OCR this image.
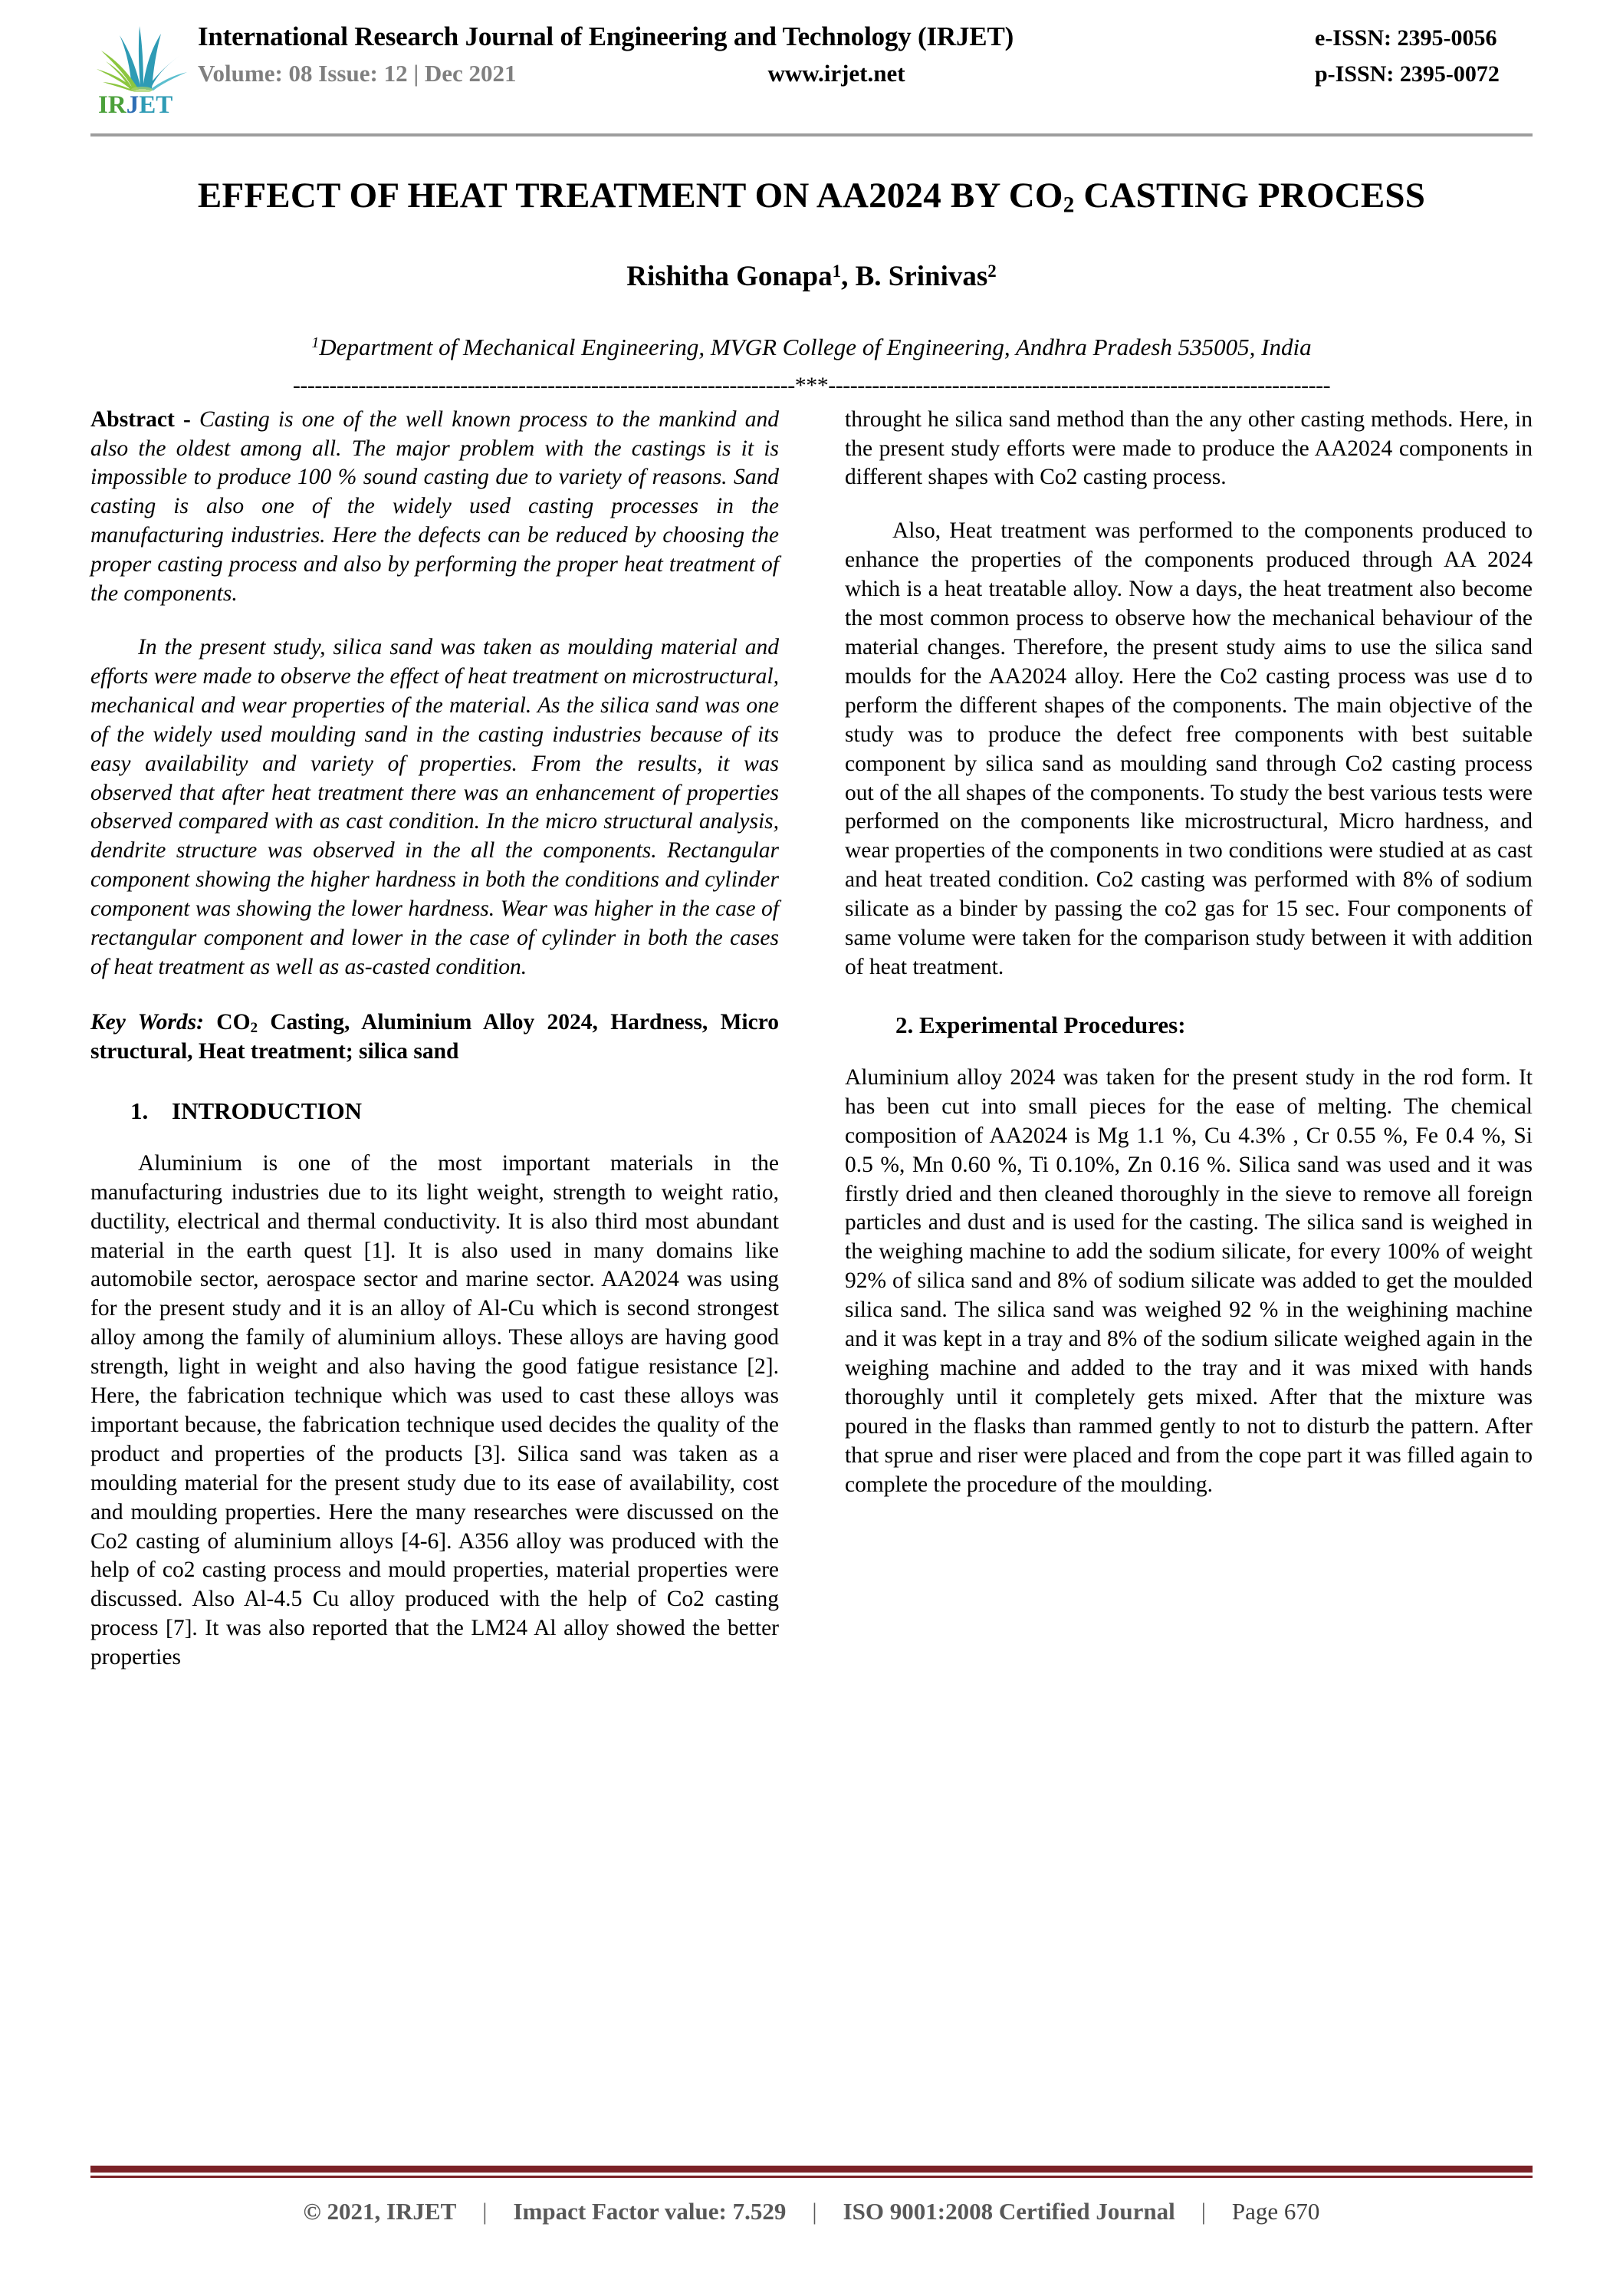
IRJET
International Research Journal of Engineering and Technology (IRJET)	e-ISSN: 2395-0056
Volume: 08 Issue: 12 | Dec 2021	www.irjet.net	p-ISSN: 2395-0072
EFFECT OF HEAT TREATMENT ON AA2024 BY $CO_2$ CASTING PROCESS
Rishitha Gonapa$^1$, B. Srinivas$^2$
$^1$Department of Mechanical Engineering, MVGR College of Engineering, Andhra Pradesh 535005, India
---------------------------------------------------------------------***---------------------------------------------------------------------

Abstract - Casting is one of the well known process to the mankind and also the oldest among all. The major problem with the castings is it is impossible to produce 100 % sound casting due to variety of reasons. Sand casting is also one of the widely used casting processes in the manufacturing industries. Here the defects can be reduced by choosing the proper casting process and also by performing the proper heat treatment of the components.

In the present study, silica sand was taken as moulding material and efforts were made to observe the effect of heat treatment on microstructural, mechanical and wear properties of the material. As the silica sand was one of the widely used moulding sand in the casting industries because of its easy availability and variety of properties. From the results, it was observed that after heat treatment there was an enhancement of properties observed compared with as cast condition. In the micro structural analysis, dendrite structure was observed in the all the components. Rectangular component showing the higher hardness in both the conditions and cylinder component was showing the lower hardness. Wear was higher in the case of rectangular component and lower in the case of cylinder in both the cases of heat treatment as well as as-casted condition.

Key Words: $CO_2$ Casting, Aluminium Alloy 2024, Hardness, Micro structural, Heat treatment; silica sand
1. INTRODUCTION

Aluminium is one of the most important materials in the manufacturing industries due to its light weight, strength to weight ratio, ductility, electrical and thermal conductivity. It is also third most abundant material in the earth quest [1]. It is also used in many domains like automobile sector, aerospace sector and marine sector. AA2024 was using for the present study and it is an alloy of Al-Cu which is second strongest alloy among the family of aluminium alloys. These alloys are having good strength, light in weight and also having the good fatigue resistance [2]. Here, the fabrication technique which was used to cast these alloys was important because, the fabrication technique used decides the quality of the product and properties of the products [3]. Silica sand was taken as a moulding material for the present study due to its ease of availability, cost and moulding properties. Here the many researches were discussed on the Co2 casting of aluminium alloys [4-6]. A356 alloy was produced with the help of co2 casting process and mould properties, material properties were discussed. Also Al-4.5 Cu alloy produced with the help of Co2 casting process [7]. It was also reported that the LM24 Al alloy showed the better properties

throught he silica sand method than the any other casting methods. Here, in the present study efforts were made to produce the AA2024 components in different shapes with Co2 casting process.

Also, Heat treatment was performed to the components produced to enhance the properties of the components produced through AA 2024 which is a heat treatable alloy. Now a days, the heat treatment also become the most common process to observe how the mechanical behaviour of the material changes. Therefore, the present study aims to use the silica sand moulds for the AA2024 alloy. Here the Co2 casting process was use d to perform the different shapes of the components. The main objective of the study was to produce the defect free components with best suitable component by silica sand as moulding sand through Co2 casting process out of the all shapes of the components. To study the best various tests were performed on the components like microstructural, Micro hardness, and wear properties of the components in two conditions were studied at as cast and heat treated condition. Co2 casting was performed with 8% of sodium silicate as a binder by passing the co2 gas for 15 sec. Four components of same volume were taken for the comparison study between it with addition of heat treatment.

2. Experimental Procedures:

Aluminium alloy 2024 was taken for the present study in the rod form. It has been cut into small pieces for the ease of melting. The chemical composition of AA2024 is Mg 1.1 %, Cu 4.3% , Cr 0.55 %, Fe 0.4 %, Si 0.5 %, Mn 0.60 %, Ti 0.10%, Zn 0.16 %. Silica sand was used and it was firstly dried and then cleaned thoroughly in the sieve to remove all foreign particles and dust and is used for the casting. The silica sand is weighed in the weighing machine to add the sodium silicate, for every 100% of weight 92% of silica sand and 8% of sodium silicate was added to get the moulded silica sand. The silica sand was weighed 92 % in the weighining machine and it was kept in a tray and 8% of the sodium silicate weighed again in the weighing machine and added to the tray and it was mixed with hands thoroughly until it completely gets mixed. After that the mixture was poured in the flasks than rammed gently to not to disturb the pattern. After that sprue and riser were placed and from the cope part it was filled again to complete the procedure of the moulding.

© 2021, IRJET | Impact Factor value: 7.529 | ISO 9001:2008 Certified Journal | Page 670
